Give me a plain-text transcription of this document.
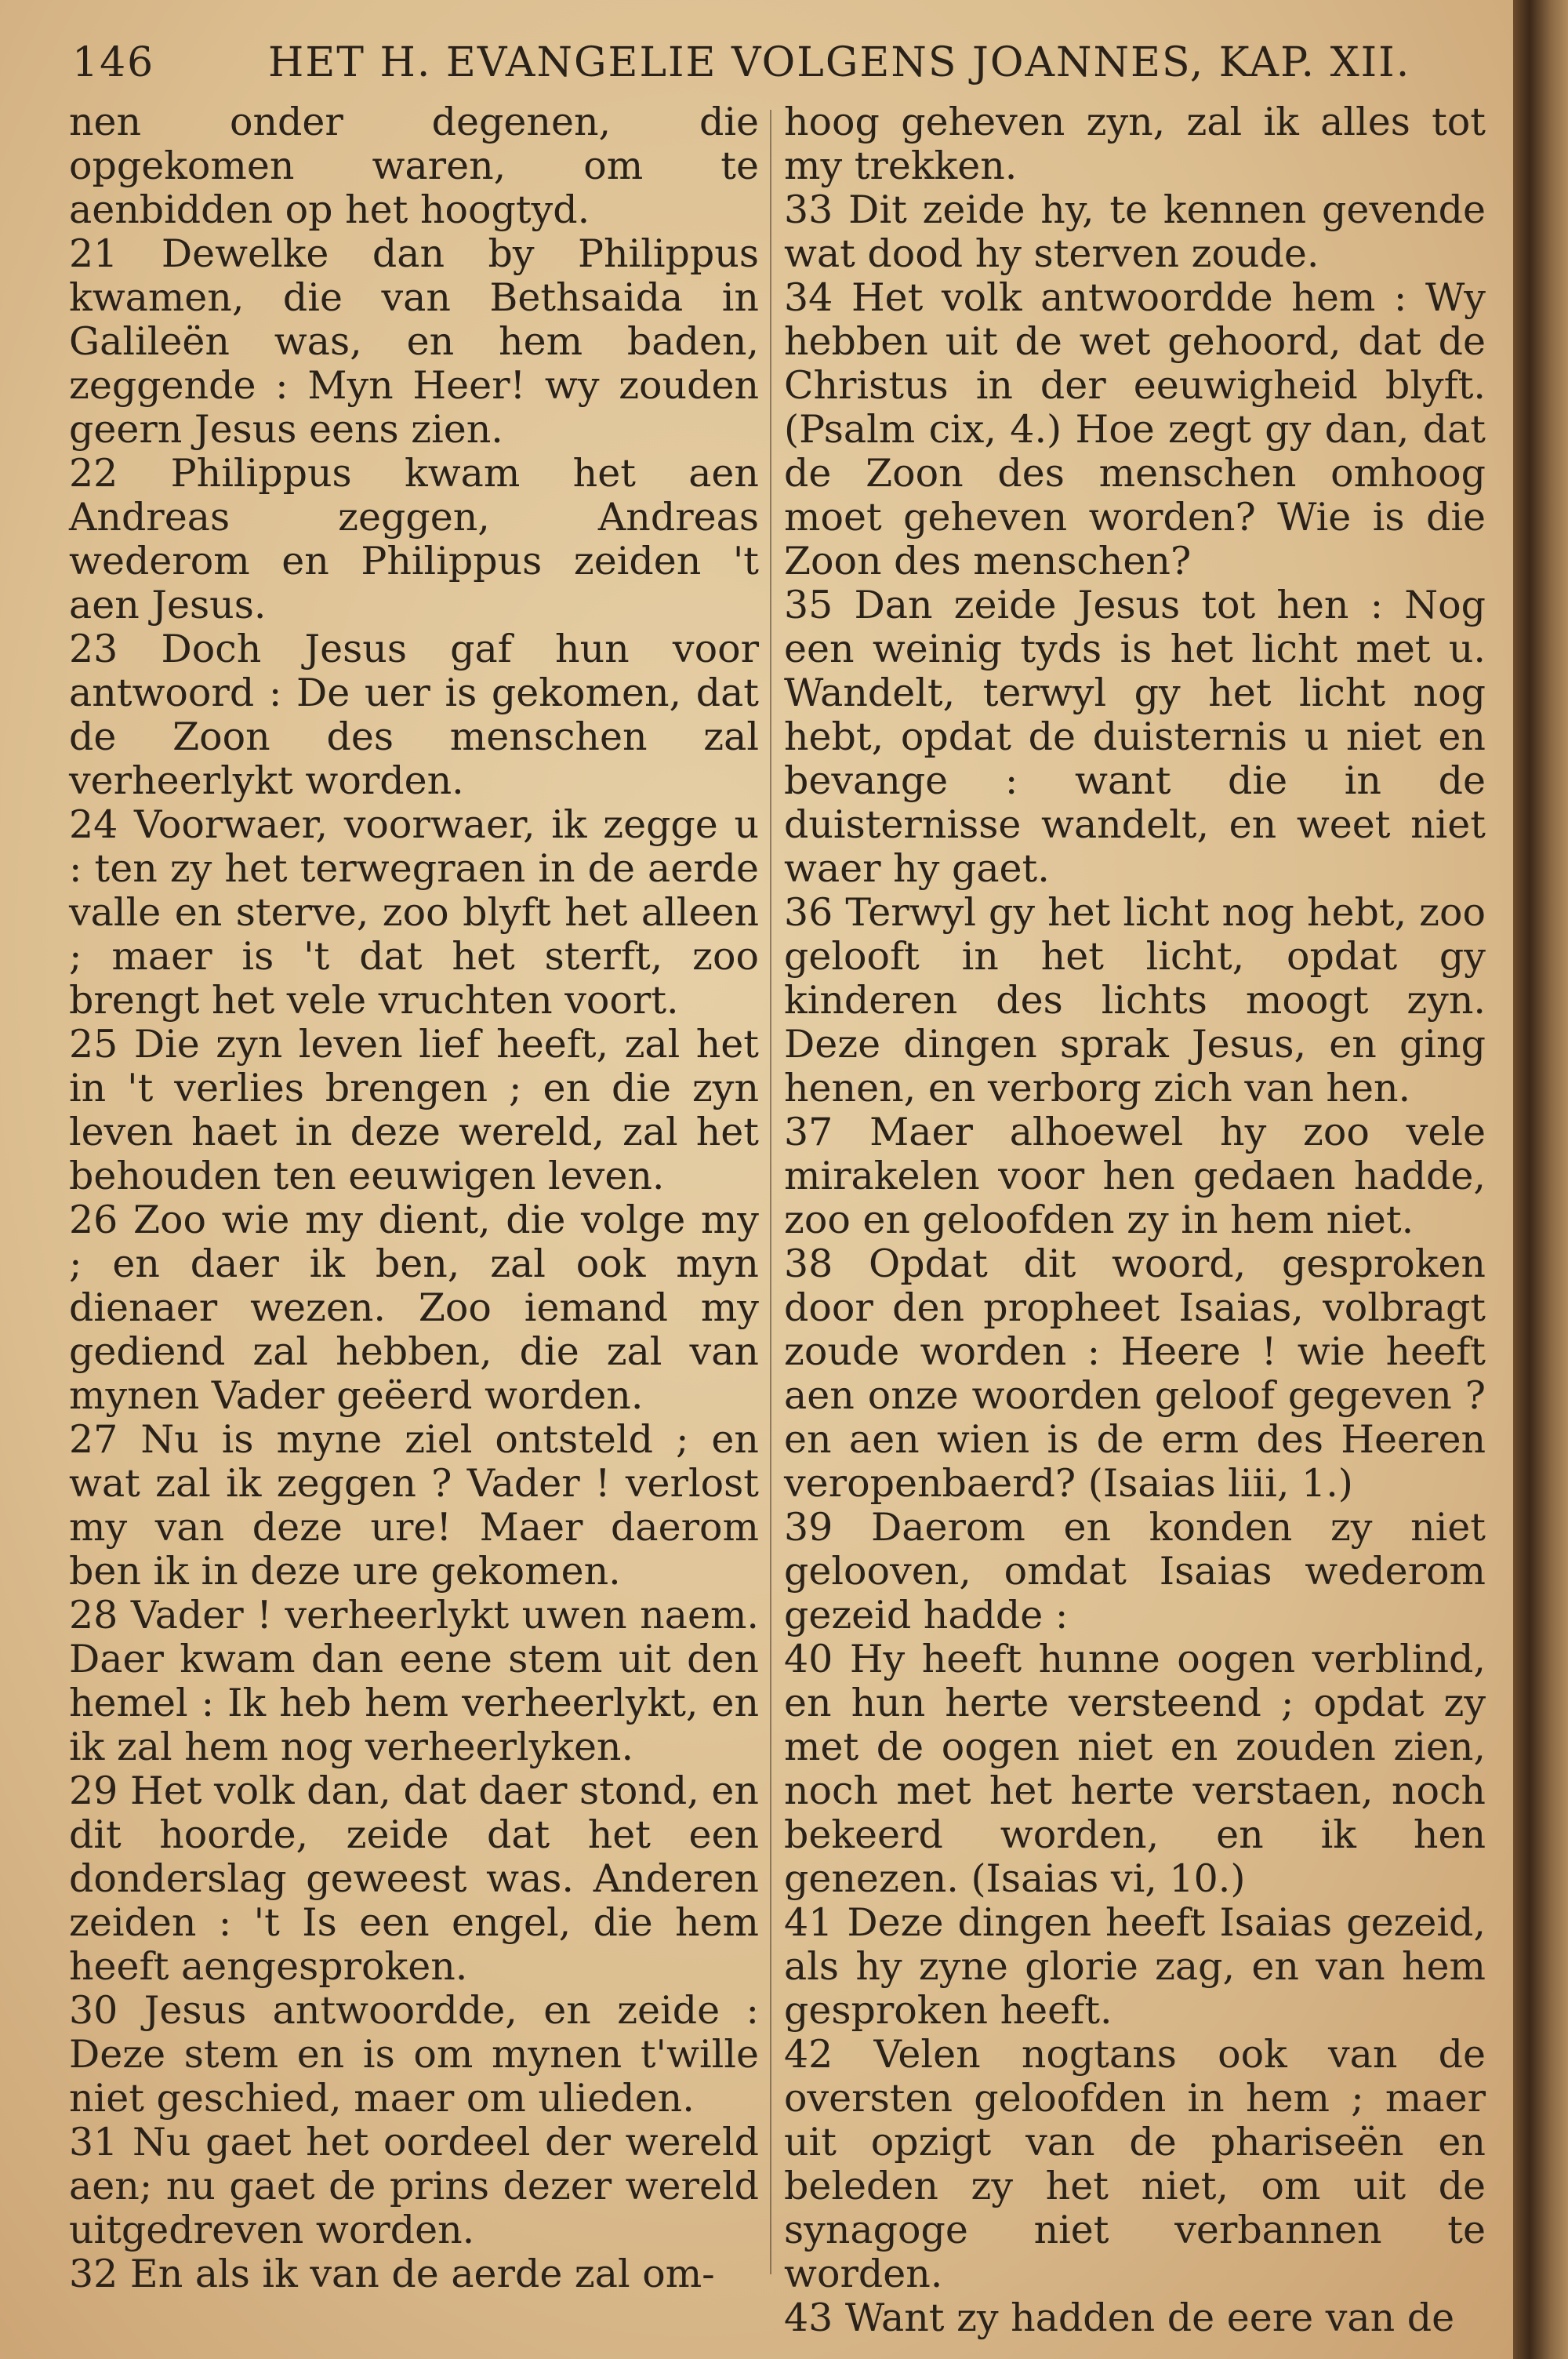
146	HET H. EVANGELIE VOLGENS JOANNES, KAP. XII.

nen onder degenen, die opgekomen waren, om te aenbidden op het hoogtyd.

21 Dewelke dan by Philippus kwamen, die van Bethsaida in Galileën was, en hem baden, zeggende : Myn Heer! wy zouden geern Jesus eens zien.

22 Philippus kwam het aen Andreas zeggen, Andreas wederom en Philippus zeiden 't aen Jesus.

23 Doch Jesus gaf hun voor antwoord : De uer is gekomen, dat de Zoon des menschen zal verheerlykt worden.

24 Voorwaer, voorwaer, ik zegge u : ten zy het terwegraen in de aerde valle en sterve, zoo blyft het alleen ; maer is 't dat het sterft, zoo brengt het vele vruchten voort.

25 Die zyn leven lief heeft, zal het in 't verlies brengen ; en die zyn leven haet in deze wereld, zal het behouden ten eeuwigen leven.

26 Zoo wie my dient, die volge my ; en daer ik ben, zal ook myn dienaer wezen. Zoo iemand my gediend zal hebben, die zal van mynen Vader geëerd worden.

27 Nu is myne ziel ontsteld ; en wat zal ik zeggen ? Vader ! verlost my van deze ure! Maer daerom ben ik in deze ure gekomen.

28 Vader ! verheerlykt uwen naem. Daer kwam dan eene stem uit den hemel : Ik heb hem verheerlykt, en ik zal hem nog verheerlyken.

29 Het volk dan, dat daer stond, en dit hoorde, zeide dat het een donderslag geweest was. Anderen zeiden : 't Is een engel, die hem heeft aengesproken.

30 Jesus antwoordde, en zeide : Deze stem en is om mynen t'wille niet geschied, maer om ulieden.

31 Nu gaet het oordeel der wereld aen; nu gaet de prins dezer wereld uitgedreven worden.

32 En als ik van de aerde zal om-

hoog geheven zyn, zal ik alles tot my trekken.

33 Dit zeide hy, te kennen gevende wat dood hy sterven zoude.

34 Het volk antwoordde hem : Wy hebben uit de wet gehoord, dat de Christus in der eeuwigheid blyft. (Psalm cix, 4.) Hoe zegt gy dan, dat de Zoon des menschen omhoog moet geheven worden? Wie is die Zoon des menschen?

35 Dan zeide Jesus tot hen : Nog een weinig tyds is het licht met u. Wandelt, terwyl gy het licht nog hebt, opdat de duisternis u niet en bevange : want die in de duisternisse wandelt, en weet niet waer hy gaet.

36 Terwyl gy het licht nog hebt, zoo gelooft in het licht, opdat gy kinderen des lichts moogt zyn. Deze dingen sprak Jesus, en ging henen, en verborg zich van hen.

37 Maer alhoewel hy zoo vele mirakelen voor hen gedaen hadde, zoo en geloofden zy in hem niet.

38 Opdat dit woord, gesproken door den propheet Isaias, volbragt zoude worden : Heere ! wie heeft aen onze woorden geloof gegeven ? en aen wien is de erm des Heeren veropenbaerd? (Isaias liii, 1.)

39 Daerom en konden zy niet gelooven, omdat Isaias wederom gezeid hadde :

40 Hy heeft hunne oogen verblind, en hun herte versteend ; opdat zy met de oogen niet en zouden zien, noch met het herte verstaen, noch bekeerd worden, en ik hen genezen. (Isaias vi, 10.)

41 Deze dingen heeft Isaias gezeid, als hy zyne glorie zag, en van hem gesproken heeft.

42 Velen nogtans ook van de oversten geloofden in hem ; maer uit opzigt van de phariseën en beleden zy het niet, om uit de synagoge niet verbannen te worden.

43 Want zy hadden de eere van de
